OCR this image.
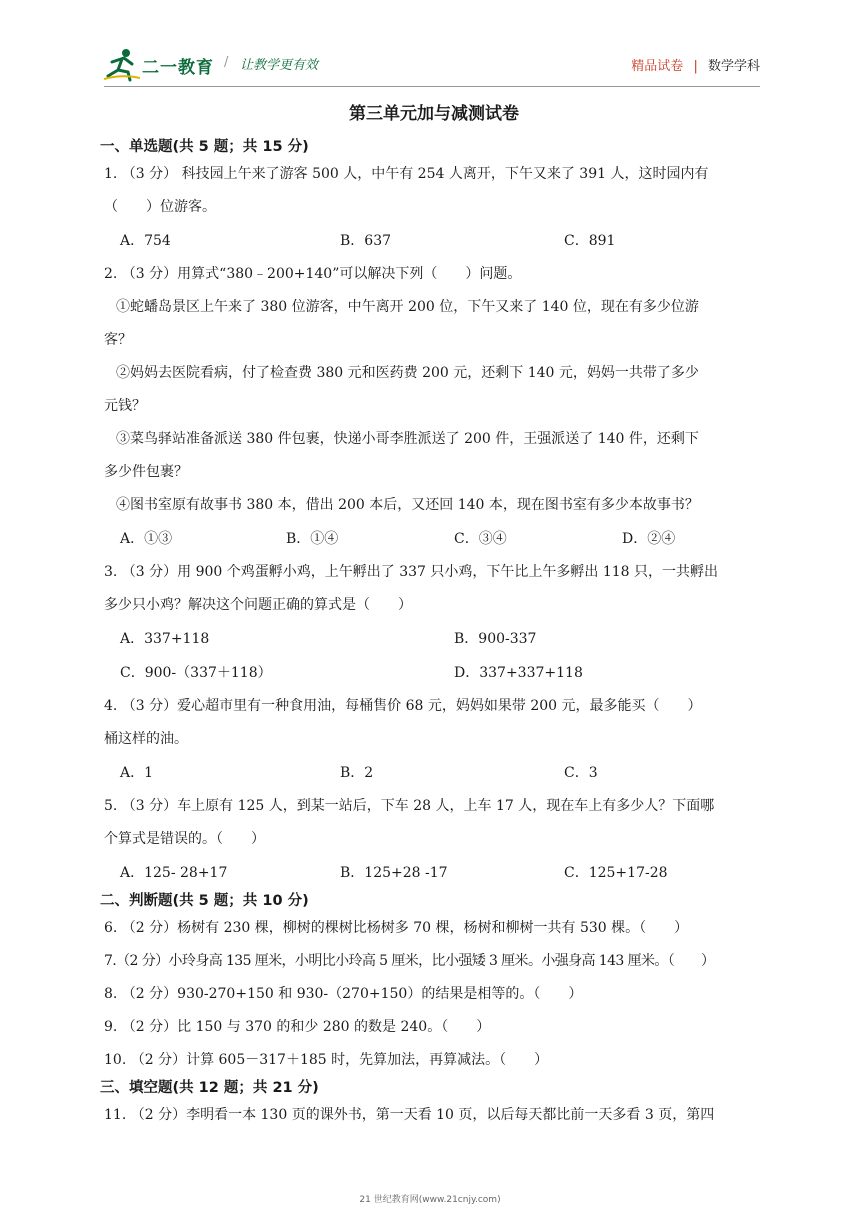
二一教育 / 让教学更有效	精品试卷 | 数学学科
第三单元加与减测试卷
一、单选题(共 5 题；共 15 分)
1. （3 分） 科技园上午来了游客 500 人，中午有 254 人离开，下午又来了 391 人，这时园内有
（　　）位游客。
A．754	B．637	C．891
2. （3 分）用算式“380﹣200+140”可以解决下列（　　）问题。
①蛇蟠岛景区上午来了 380 位游客，中午离开 200 位，下午又来了 140 位，现在有多少位游
客？
②妈妈去医院看病，付了检查费 380 元和医药费 200 元，还剩下 140 元，妈妈一共带了多少
元钱？
③菜鸟驿站准备派送 380 件包裹，快递小哥李胜派送了 200 件，王强派送了 140 件，还剩下
多少件包裹？
④图书室原有故事书 380 本，借出 200 本后，又还回 140 本，现在图书室有多少本故事书？
A．①③	B．①④	C．③④	D．②④
3. （3 分）用 900 个鸡蛋孵小鸡，上午孵出了 337 只小鸡，下午比上午多孵出 118 只，一共孵出
多少只小鸡？解决这个问题正确的算式是（　　）
A．337+118	B．900-337
C．900-（337＋118）	D．337+337+118
4. （3 分）爱心超市里有一种食用油，每桶售价 68 元，妈妈如果带 200 元，最多能买（　　）
桶这样的油。
A．1	B．2	C．3
5. （3 分）车上原有 125 人，到某一站后，下车 28 人，上车 17 人，现在车上有多少人？下面哪
个算式是错误的。（　　）
A．125- 28+17	B．125+28 -17	C．125+17-28
二、判断题(共 5 题；共 10 分)
6. （2 分）杨树有 230 棵，柳树的棵树比杨树多 70 棵，杨树和柳树一共有 530 棵。（　　）
7.（2 分）小玲身高 135 厘米，小明比小玲高 5 厘米，比小强矮 3 厘米。小强身高 143 厘米。（　　）
8. （2 分）930-270+150 和 930-（270+150）的结果是相等的。（　　）
9. （2 分）比 150 与 370 的和少 280 的数是 240。（　　）
10. （2 分）计算 605－317＋185 时，先算加法，再算减法。（　　）
三、填空题(共 12 题；共 21 分)
11. （2 分）李明看一本 130 页的课外书，第一天看 10 页，以后每天都比前一天多看 3 页，第四
21 世纪教育网(www.21cnjy.com)
